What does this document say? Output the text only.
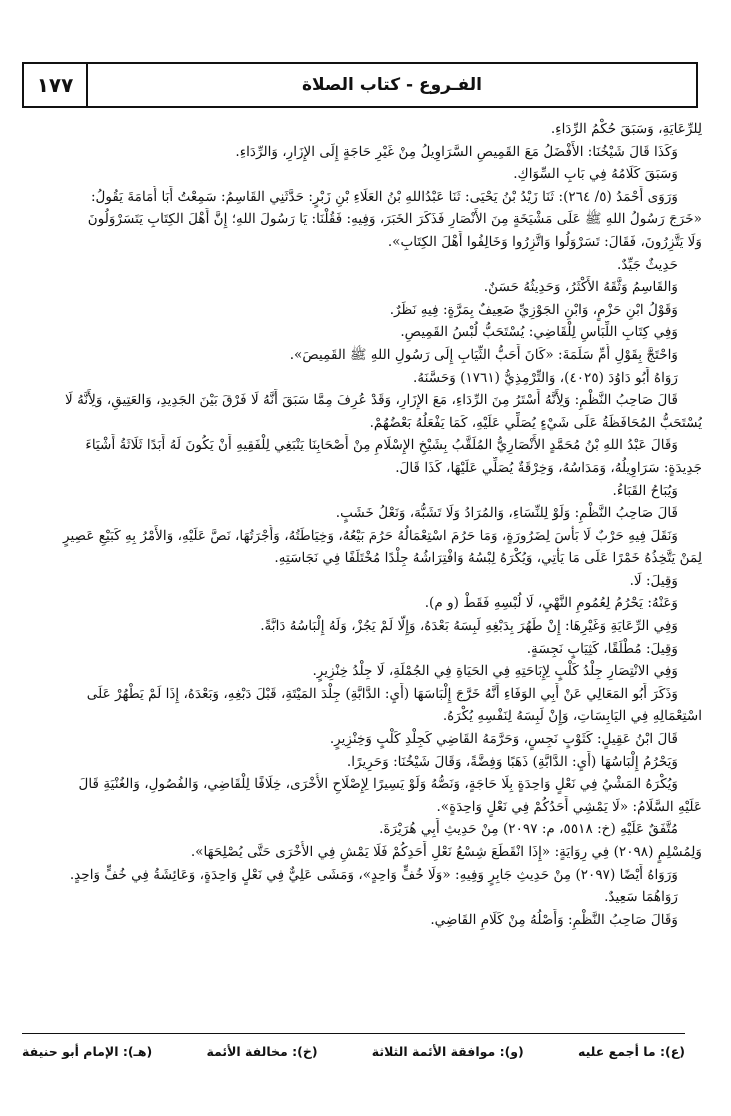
١٧٧	الفـروع - كتاب الصلاة
لِلرِّعَايَةِ، وَسَبَقَ حُكْمُ الرِّدَاءِ.
وَكَذَا قَالَ شَيْخُنَا: الأَفْضَلُ مَعَ القَمِيصِ السَّرَاوِيلُ مِنْ غَيْرِ حَاجَةٍ إِلَى الإِزَارِ، وَالرِّدَاءِ.
وَسَبَقَ كَلَامُهُ فِي بَابِ السِّوَاكِ.
وَرَوَى أَحْمَدُ (٥/ ٢٦٤): ثَنَا زَيْدُ بْنُ يَحْيَى: ثَنَا عَبْدُاللهِ بْنُ العَلَاءِ بْنِ زَبْرٍ: حَدَّثَنِي القَاسِمُ: سَمِعْتُ أَبَا أُمَامَةَ يَقُولُ:
«خَرَجَ رَسُولُ اللهِ ﷺ عَلَى مَشْيَخَةٍ مِنَ الأَنْصَارِ فَذَكَرَ الخَبَرَ، وَفِيهِ: فَقُلْنَا: يَا رَسُولَ اللهِ؛ إِنَّ أَهْلَ الكِتَابِ يَتَسَرْوَلُونَ
وَلَا يَتَّزِرُونَ، فَقَالَ: تَسَرْوَلُوا وَاتَّزِرُوا وَخَالِفُوا أَهْلَ الكِتَابِ».
حَدِيثٌ جَيِّدٌ.
وَالقَاسِمُ وَثَّقَهُ الأَكْثَرُ، وَحَدِيثُهُ حَسَنٌ.
وَقَوْلُ ابْنِ حَزْمٍ، وَابْنِ الجَوْزِيِّ ضَعِيفٌ بِمَرَّةٍ: فِيهِ نَظَرٌ.
وَفِي كِتَابِ اللِّبَاسِ لِلْقَاضِي: يُسْتَحَبُّ لُبْسُ القَمِيصِ.
وَاحْتَجَّ بِقَوْلِ أُمِّ سَلَمَةَ: «كَانَ أَحَبُّ الثِّيَابِ إِلَى رَسُولِ اللهِ ﷺ القَمِيصَ».
رَوَاهُ أَبُو دَاوُدَ (٤٠٢٥)، وَالتِّرْمِذِيُّ (١٧٦١) وَحَسَّنَهُ.
قَالَ صَاحِبُ النَّظْمِ: وَلِأَنَّهُ أَسْتَرُ مِنَ الرِّدَاءِ، مَعَ الإِزَارِ، وَقَدْ عُرِفَ مِمَّا سَبَقَ أَنَّهُ لَا فَرْقَ بَيْنَ الجَدِيدِ، وَالعَتِيقِ، وَلِأَنَّهُ لَا
يُسْتَحَبُّ المُحَافَظَةُ عَلَى شَيْءٍ يُصَلِّي عَلَيْهِ، كَمَا يَفْعَلُهُ بَعْضُهُمْ.
وَقَالَ عَبْدُ اللهِ بْنُ مُحَمَّدٍ الأَنْصَارِيُّ المُلَقَّبُ بِشَيْخِ الإِسْلَامِ مِنْ أَصْحَابِنَا يَنْبَغِي لِلْفَقِيهِ أَنْ يَكُونَ لَهُ أَبَدًا ثَلَاثَةُ أَشْيَاءَ
جَدِيدَةٍ: سَرَاوِيلُهُ، وَمَدَاسُهُ، وَخِرْقَةٌ يُصَلِّي عَلَيْهَا، كَذَا قَالَ.
وَيُبَاحُ القَبَاءُ.
قَالَ صَاحِبُ النَّظْمِ: وَلَوْ لِلنِّسَاءِ، وَالمُرَادُ وَلَا تَشَبُّهَ، وَنَعْلُ خَشَبٍ.
وَنَقَلَ فِيهِ حَرْبٌ لَا بَأْسَ لِضَرُورَةٍ، وَمَا حَرُمَ اسْتِعْمَالُهُ حَرُمَ بَيْعُهُ، وَخِيَاطَتُهُ، وَأُجْرَتُهَا، نَصَّ عَلَيْهِ، وَالأَمْرُ بِهِ كَبَيْعِ عَصِيرٍ
لِمَنْ يَتَّخِذُهُ خَمْرًا عَلَى مَا يَأْتِي، وَيُكْرَهُ لِبْسُهُ وَافْتِرَاشُهُ جِلْدًا مُخْتَلَفًا فِي نَجَاسَتِهِ.
وَقِيلَ: لَا.
وَعَنْهُ: يَحْرُمُ لِعُمُومِ النَّهْيِ، لَا لُبْسِهِ فَقَطْ (و م).
وَفِي الرِّعَايَةِ وَغَيْرِهَا: إِنْ طَهُرَ بِدَبْغِهِ لَبِسَهُ بَعْدَهُ، وَإِلَّا لَمْ يَجُزْ، وَلَهُ إِلْبَاسُهُ دَابَّةً.
وَقِيلَ: مُطْلَقًا، كَثِيَابٍ نَجِسَةٍ.
وَفِي الانْتِصَارِ جِلْدُ كَلْبٍ لِإِبَاحَتِهِ فِي الحَيَاةِ فِي الجُمْلَةِ، لَا جِلْدُ خِنْزِيرٍ.
وَذَكَرَ أَبُو المَعَالِي عَنْ أَبِي الوَفَاءِ أَنَّهُ خَرَّجَ إِلْبَاسَهَا (أَيِ: الدَّابَّةِ) جِلْدَ المَيْتَةِ، قَبْلَ دَبْغِهِ، وَبَعْدَهُ، إِذَا لَمْ يَطْهُرْ عَلَى
اسْتِعْمَالِهِ فِي اليَابِسَاتِ، وَإِنْ لَبِسَهُ لِنَفْسِهِ يُكْرَهُ.
قَالَ ابْنُ عَقِيلٍ: كَثَوْبٍ نَجِسٍ، وَحَرَّمَهُ القَاضِي كَجِلْدِ كَلْبٍ وَخِنْزِيرٍ.
وَيَحْرُمُ إِلْبَاسُهَا (أَيِ: الدَّابَّةِ) ذَهَبًا وَفِضَّةً، وَقَالَ شَيْخُنَا: وَحَرِيرًا.
وَيُكْرَهُ المَشْيُ فِي نَعْلٍ وَاحِدَةٍ بِلَا حَاجَةٍ، وَنَصُّهُ وَلَوْ يَسِيرًا لِإِصْلَاحِ الأُخْرَى، خِلَافًا لِلْقَاضِي، وَالفُصُولِ، وَالغُنْيَةِ قَالَ
عَلَيْهِ السَّلَامُ: «لَا يَمْشِي أَحَدُكُمْ فِي نَعْلٍ وَاحِدَةٍ».
مُتَّفَقٌ عَلَيْهِ (خ: ٥٥١٨، م: ٢٠٩٧) مِنْ حَدِيثِ أَبِي هُرَيْرَةَ.
وَلِمُسْلِمٍ (٢٠٩٨) فِي رِوَايَةٍ: «إِذَا انْقَطَعَ شِسْعُ نَعْلِ أَحَدِكُمْ فَلَا يَمْشِ فِي الأُخْرَى حَتَّى يُصْلِحَهَا».
وَرَوَاهُ أَيْضًا (٢٠٩٧) مِنْ حَدِيثِ جَابِرٍ وَفِيهِ: «وَلَا خُفٍّ وَاحِدٍ»، وَمَشَى عَلِيٌّ فِي نَعْلٍ وَاحِدَةٍ، وَعَائِشَةُ فِي خُفٍّ وَاحِدٍ.
رَوَاهُمَا سَعِيدٌ.
وَقَالَ صَاحِبُ النَّظْمِ: وَأَصْلُهُ مِنْ كَلَامِ القَاضِي.
(ع): ما أجمع عليه
(و): موافقة الأئمة الثلاثة
(خ): مخالفة الأئمة
(هـ): الإمام أبو حنيفة
